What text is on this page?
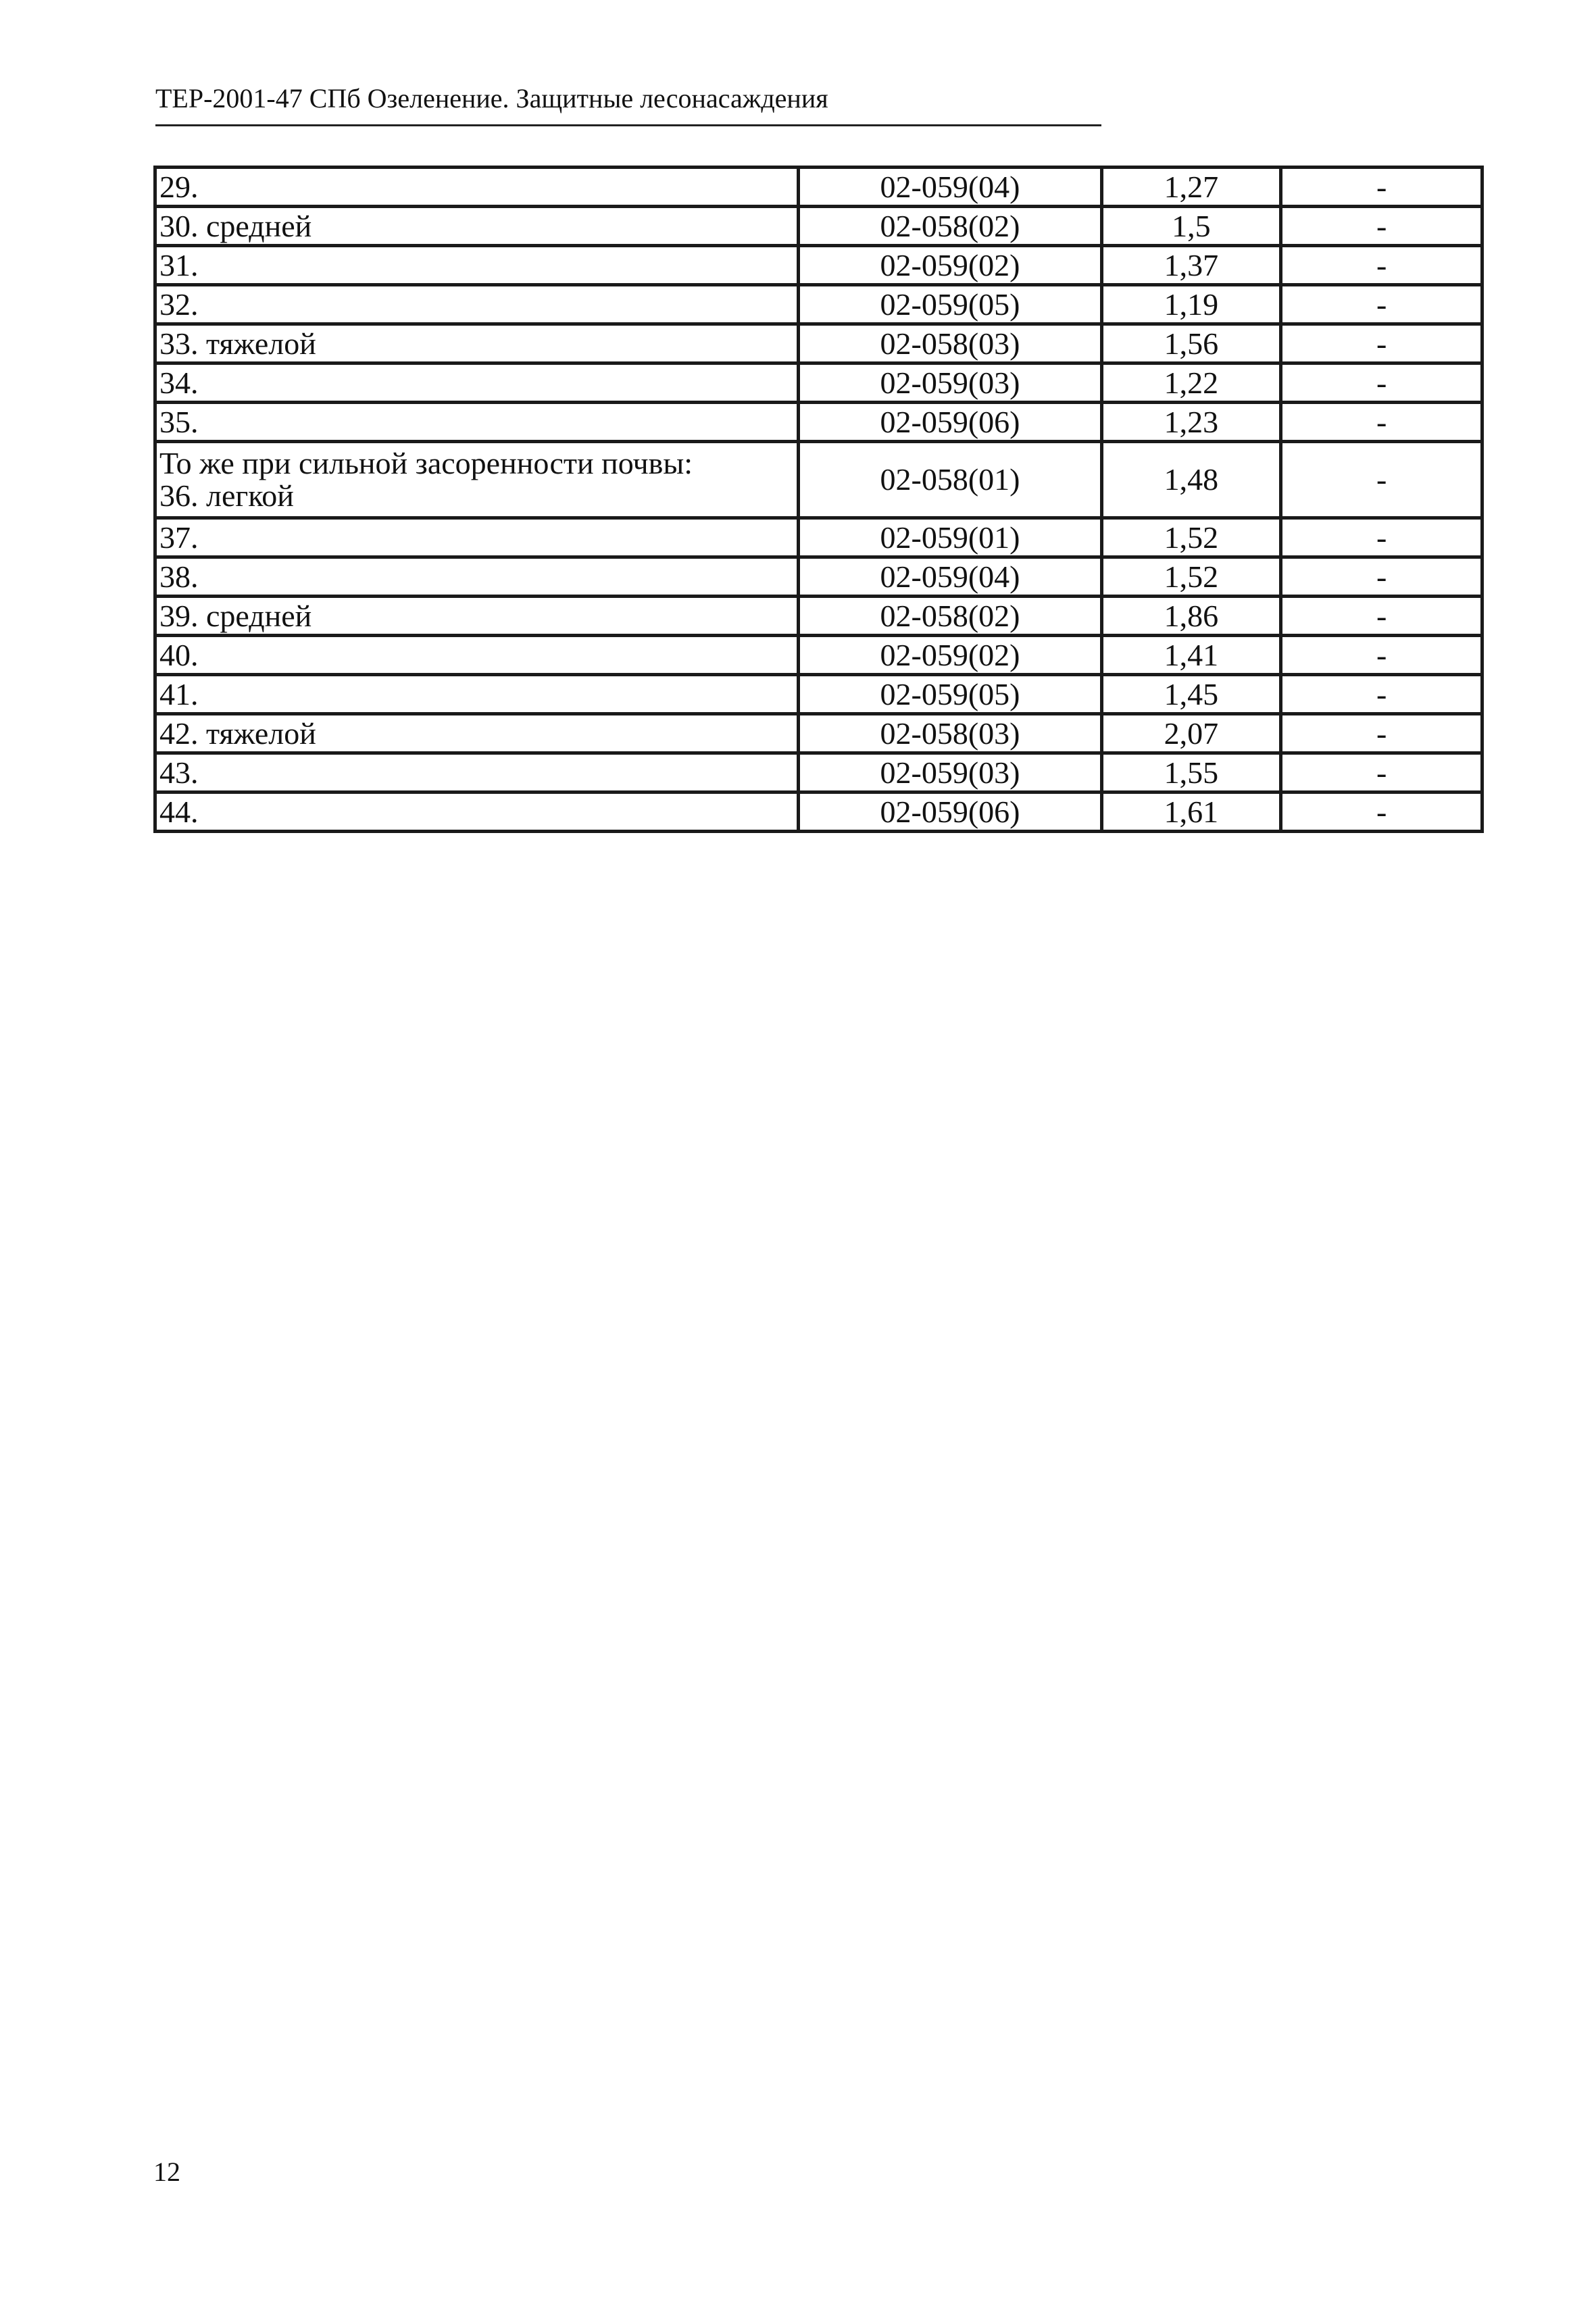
ТЕР-2001-47 СПб Озеленение. Защитные лесонасаждения
29.	02-059(04)	1,27	-

30. средней	02-058(02)	1,5	-

31.	02-059(02)	1,37	-

32.	02-059(05)	1,19	-

33. тяжелой	02-058(03)	1,56	-

34.	02-059(03)	1,22	-

35.	02-059(06)	1,23	-

То же при сильной засоренности почвы:
36. легкой	02-058(01)	1,48	-

37.	02-059(01)	1,52	-

38.	02-059(04)	1,52	-

39. средней	02-058(02)	1,86	-

40.	02-059(02)	1,41	-

41.	02-059(05)	1,45	-

42. тяжелой	02-058(03)	2,07	-

43.	02-059(03)	1,55	-

44.	02-059(06)	1,61	-
12
